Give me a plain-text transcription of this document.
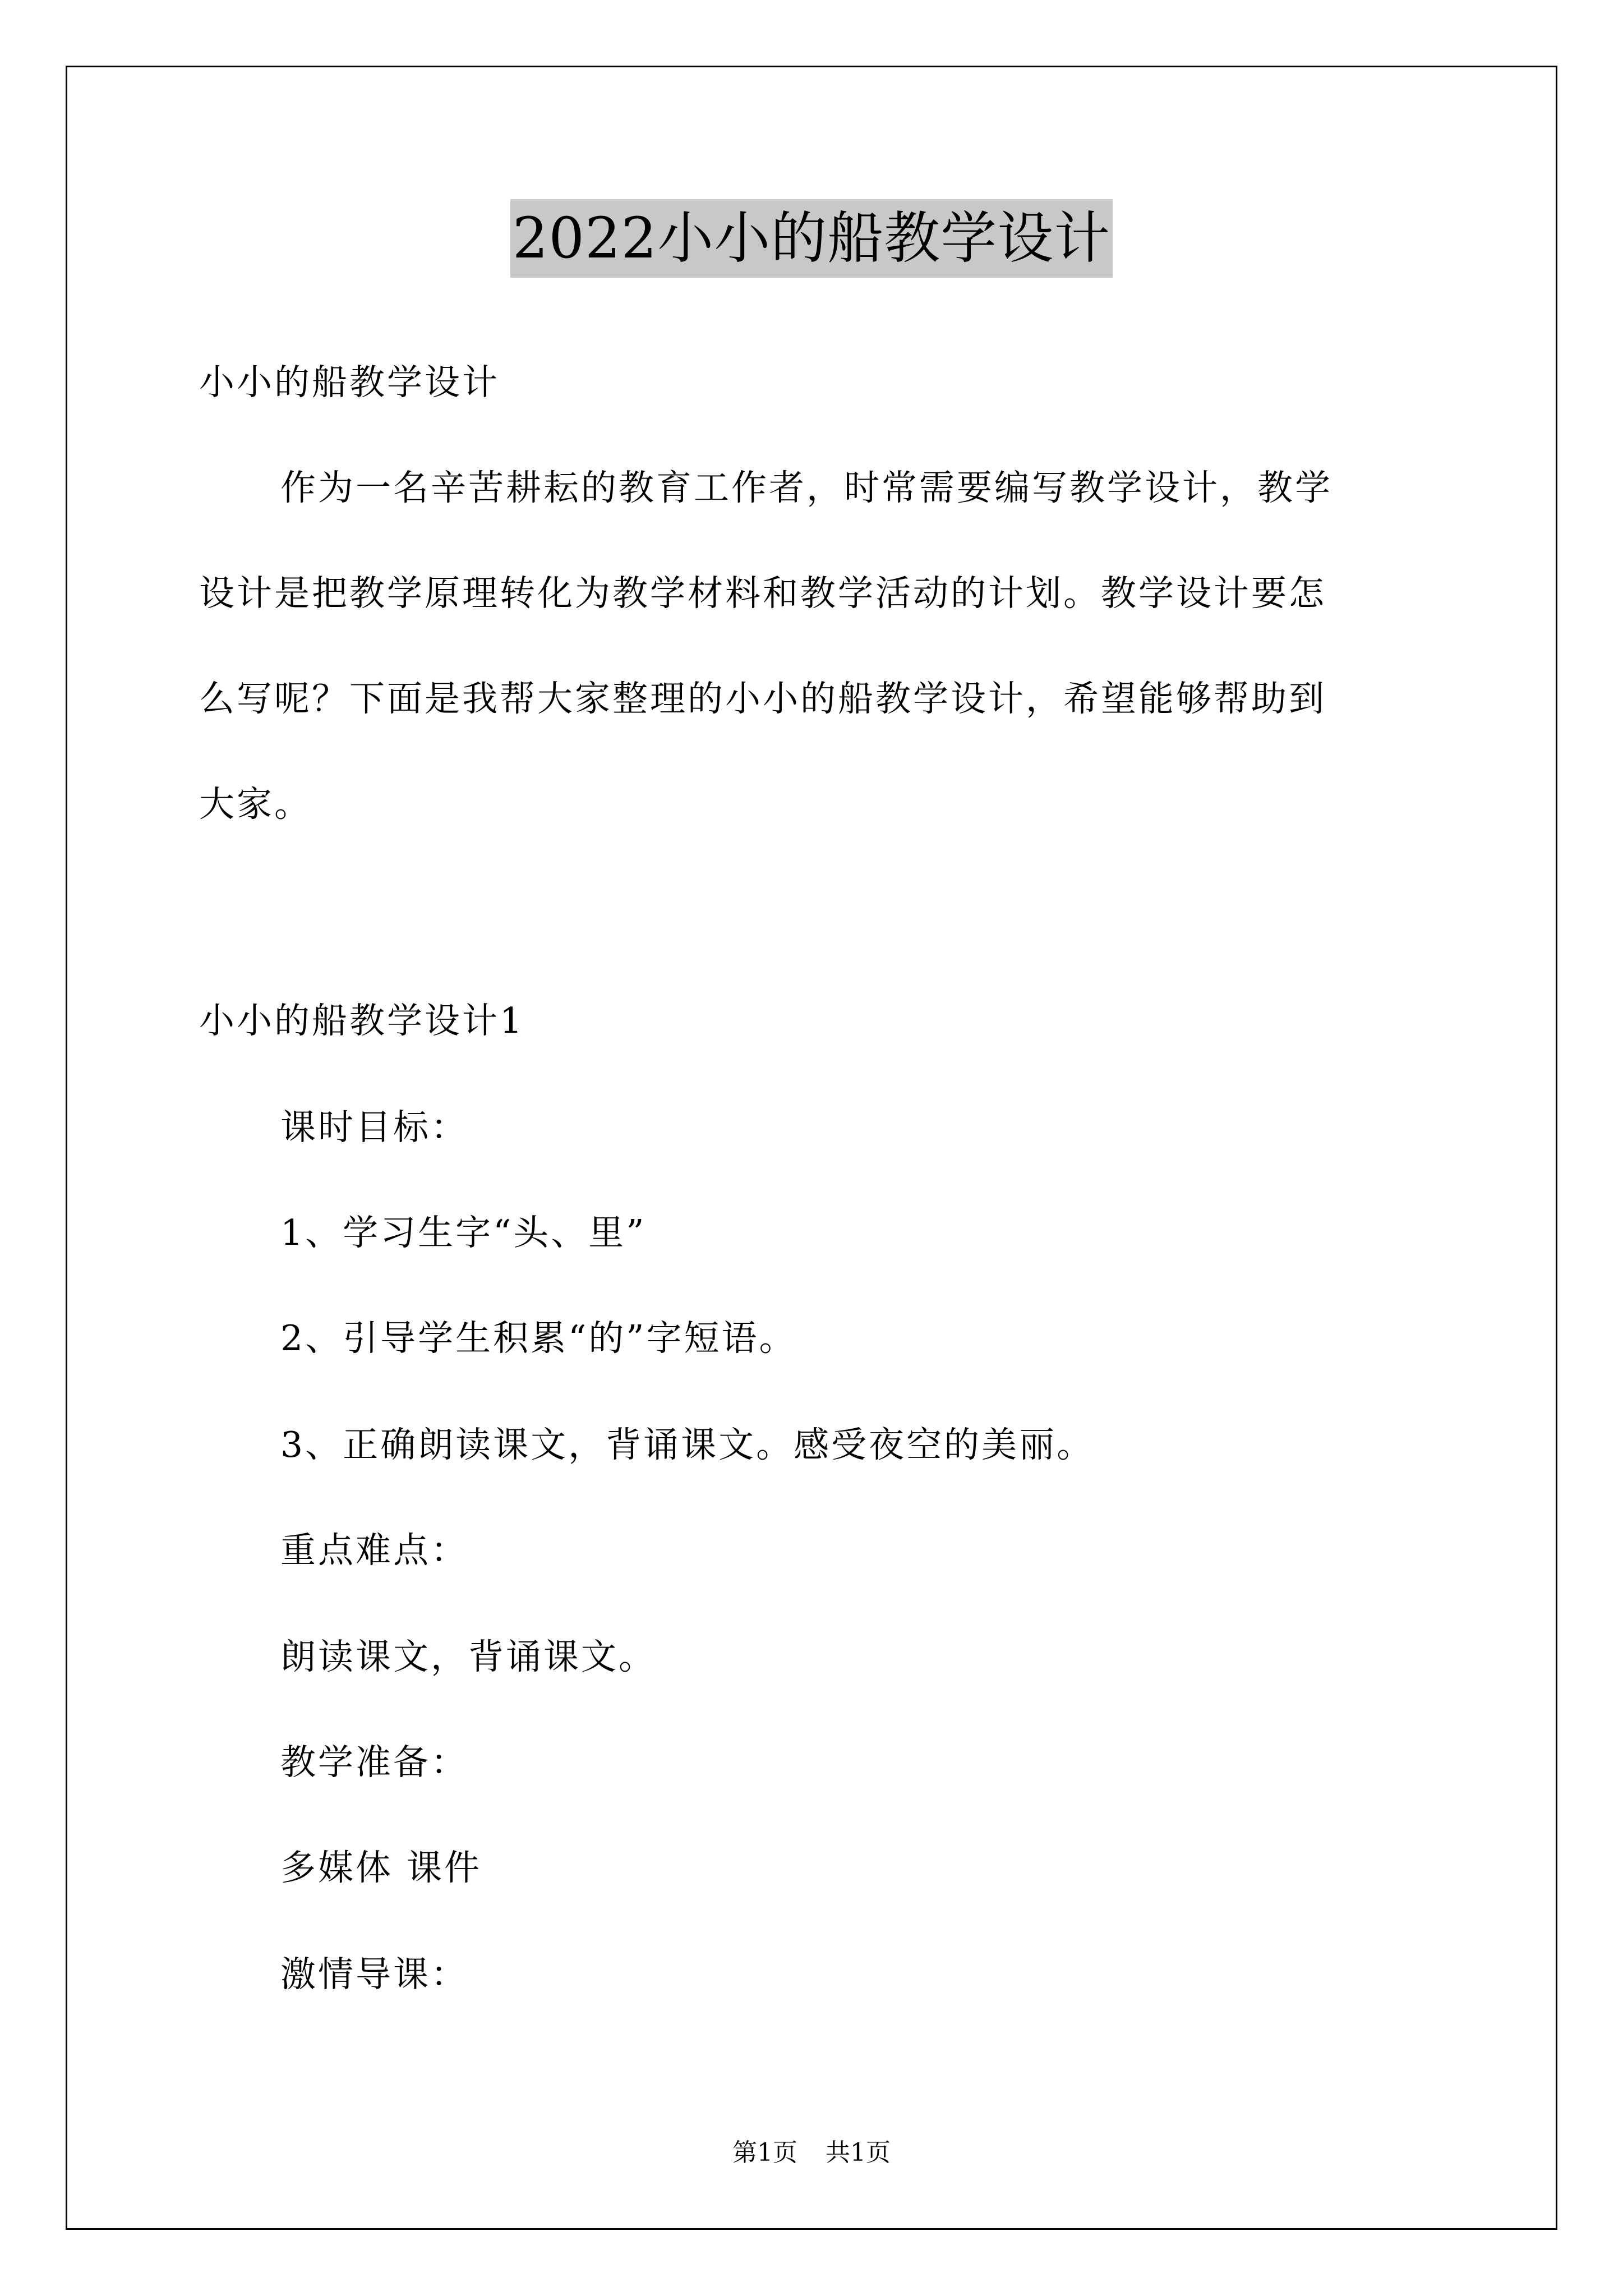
2022小小的船教学设计
小小的船教学设计
作为一名辛苦耕耘的教育工作者，时常需要编写教学设计，教学
设计是把教学原理转化为教学材料和教学活动的计划。教学设计要怎
么写呢？下面是我帮大家整理的小小的船教学设计，希望能够帮助到
大家。
小小的船教学设计1
课时目标：
1、学习生字“头、里”
2、引导学生积累“的”字短语。
3、正确朗读课文，背诵课文。感受夜空的美丽。
重点难点：
朗读课文，背诵课文。
教学准备：
多媒体 课件
激情导课：
第1页 共1页
